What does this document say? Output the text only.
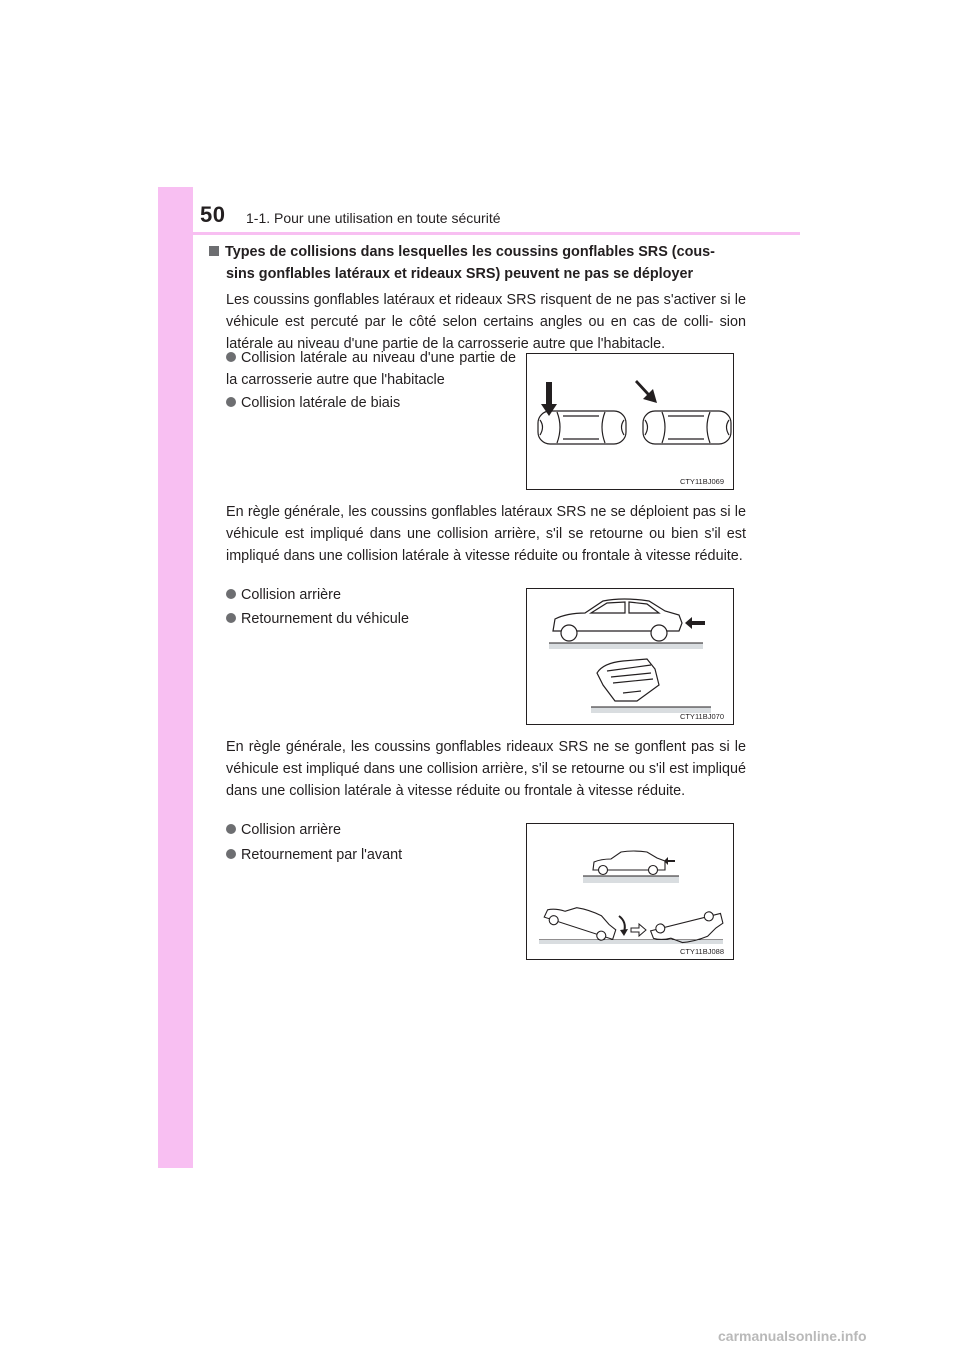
50 1-1. Pour une utilisation en toute sécurité
Types de collisions dans lesquelles les coussins gonflables SRS (cous-
sins gonflables latéraux et rideaux SRS) peuvent ne pas se déployer
Les coussins gonflables latéraux et rideaux SRS risquent de ne pas s'activer si le véhicule est percuté par le côté selon certains angles ou en cas de colli- sion latérale au niveau d'une partie de la carrosserie autre que l'habitacle.
Collision latérale au niveau d'une partie de la carrosserie autre que l'habitacle
Collision latérale de biais
CTY11BJ069
En règle générale, les coussins gonflables latéraux SRS ne se déploient pas si le véhicule est impliqué dans une collision arrière, s'il se retourne ou bien s'il est impliqué dans une collision latérale à vitesse réduite ou frontale à vitesse réduite.
Collision arrière
Retournement du véhicule
CTY11BJ070
En règle générale, les coussins gonflables rideaux SRS ne se gonflent pas si le véhicule est impliqué dans une collision arrière, s'il se retourne ou s'il est impliqué dans une collision latérale à vitesse réduite ou frontale à vitesse réduite.
Collision arrière
Retournement par l'avant
CTY11BJ088
carmanualsonline.info
